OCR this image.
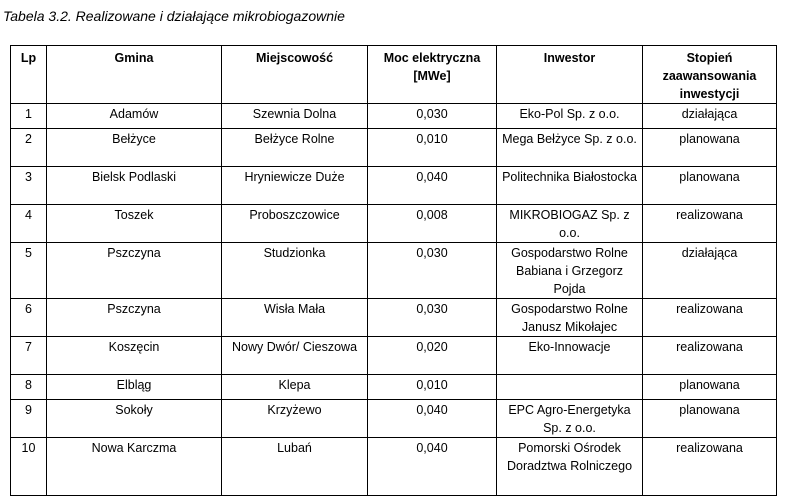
Tabela 3.2. Realizowane i działające mikrobiogazownie
Lp	Gmina	Miejscowość	Moc elektryczna [MWe]	Inwestor	Stopień zaawansowania inwestycji
1	Adamów	Szewnia Dolna	0,030	Eko-Pol Sp. z o.o.	działająca
2	Bełżyce	Bełżyce Rolne	0,010	Mega Bełżyce Sp. z o.o.	planowana
3	Bielsk Podlaski	Hryniewicze Duże	0,040	Politechnika Białostocka	planowana
4	Toszek	Proboszczowice	0,008	MIKROBIOGAZ Sp. z o.o.	realizowana
5	Pszczyna	Studzionka	0,030	Gospodarstwo Rolne Babiana i Grzegorz Pojda	działająca
6	Pszczyna	Wisła Mała	0,030	Gospodarstwo Rolne Janusz Mikołajec	realizowana
7	Koszęcin	Nowy Dwór/ Cieszowa	0,020	Eko-Innowacje	realizowana
8	Elbląg	Klepa	0,010		planowana
9	Sokoły	Krzyżewo	0,040	EPC Agro-Energetyka Sp. z o.o.	planowana
10	Nowa Karczma	Lubań	0,040	Pomorski Ośrodek Doradztwa Rolniczego	realizowana
